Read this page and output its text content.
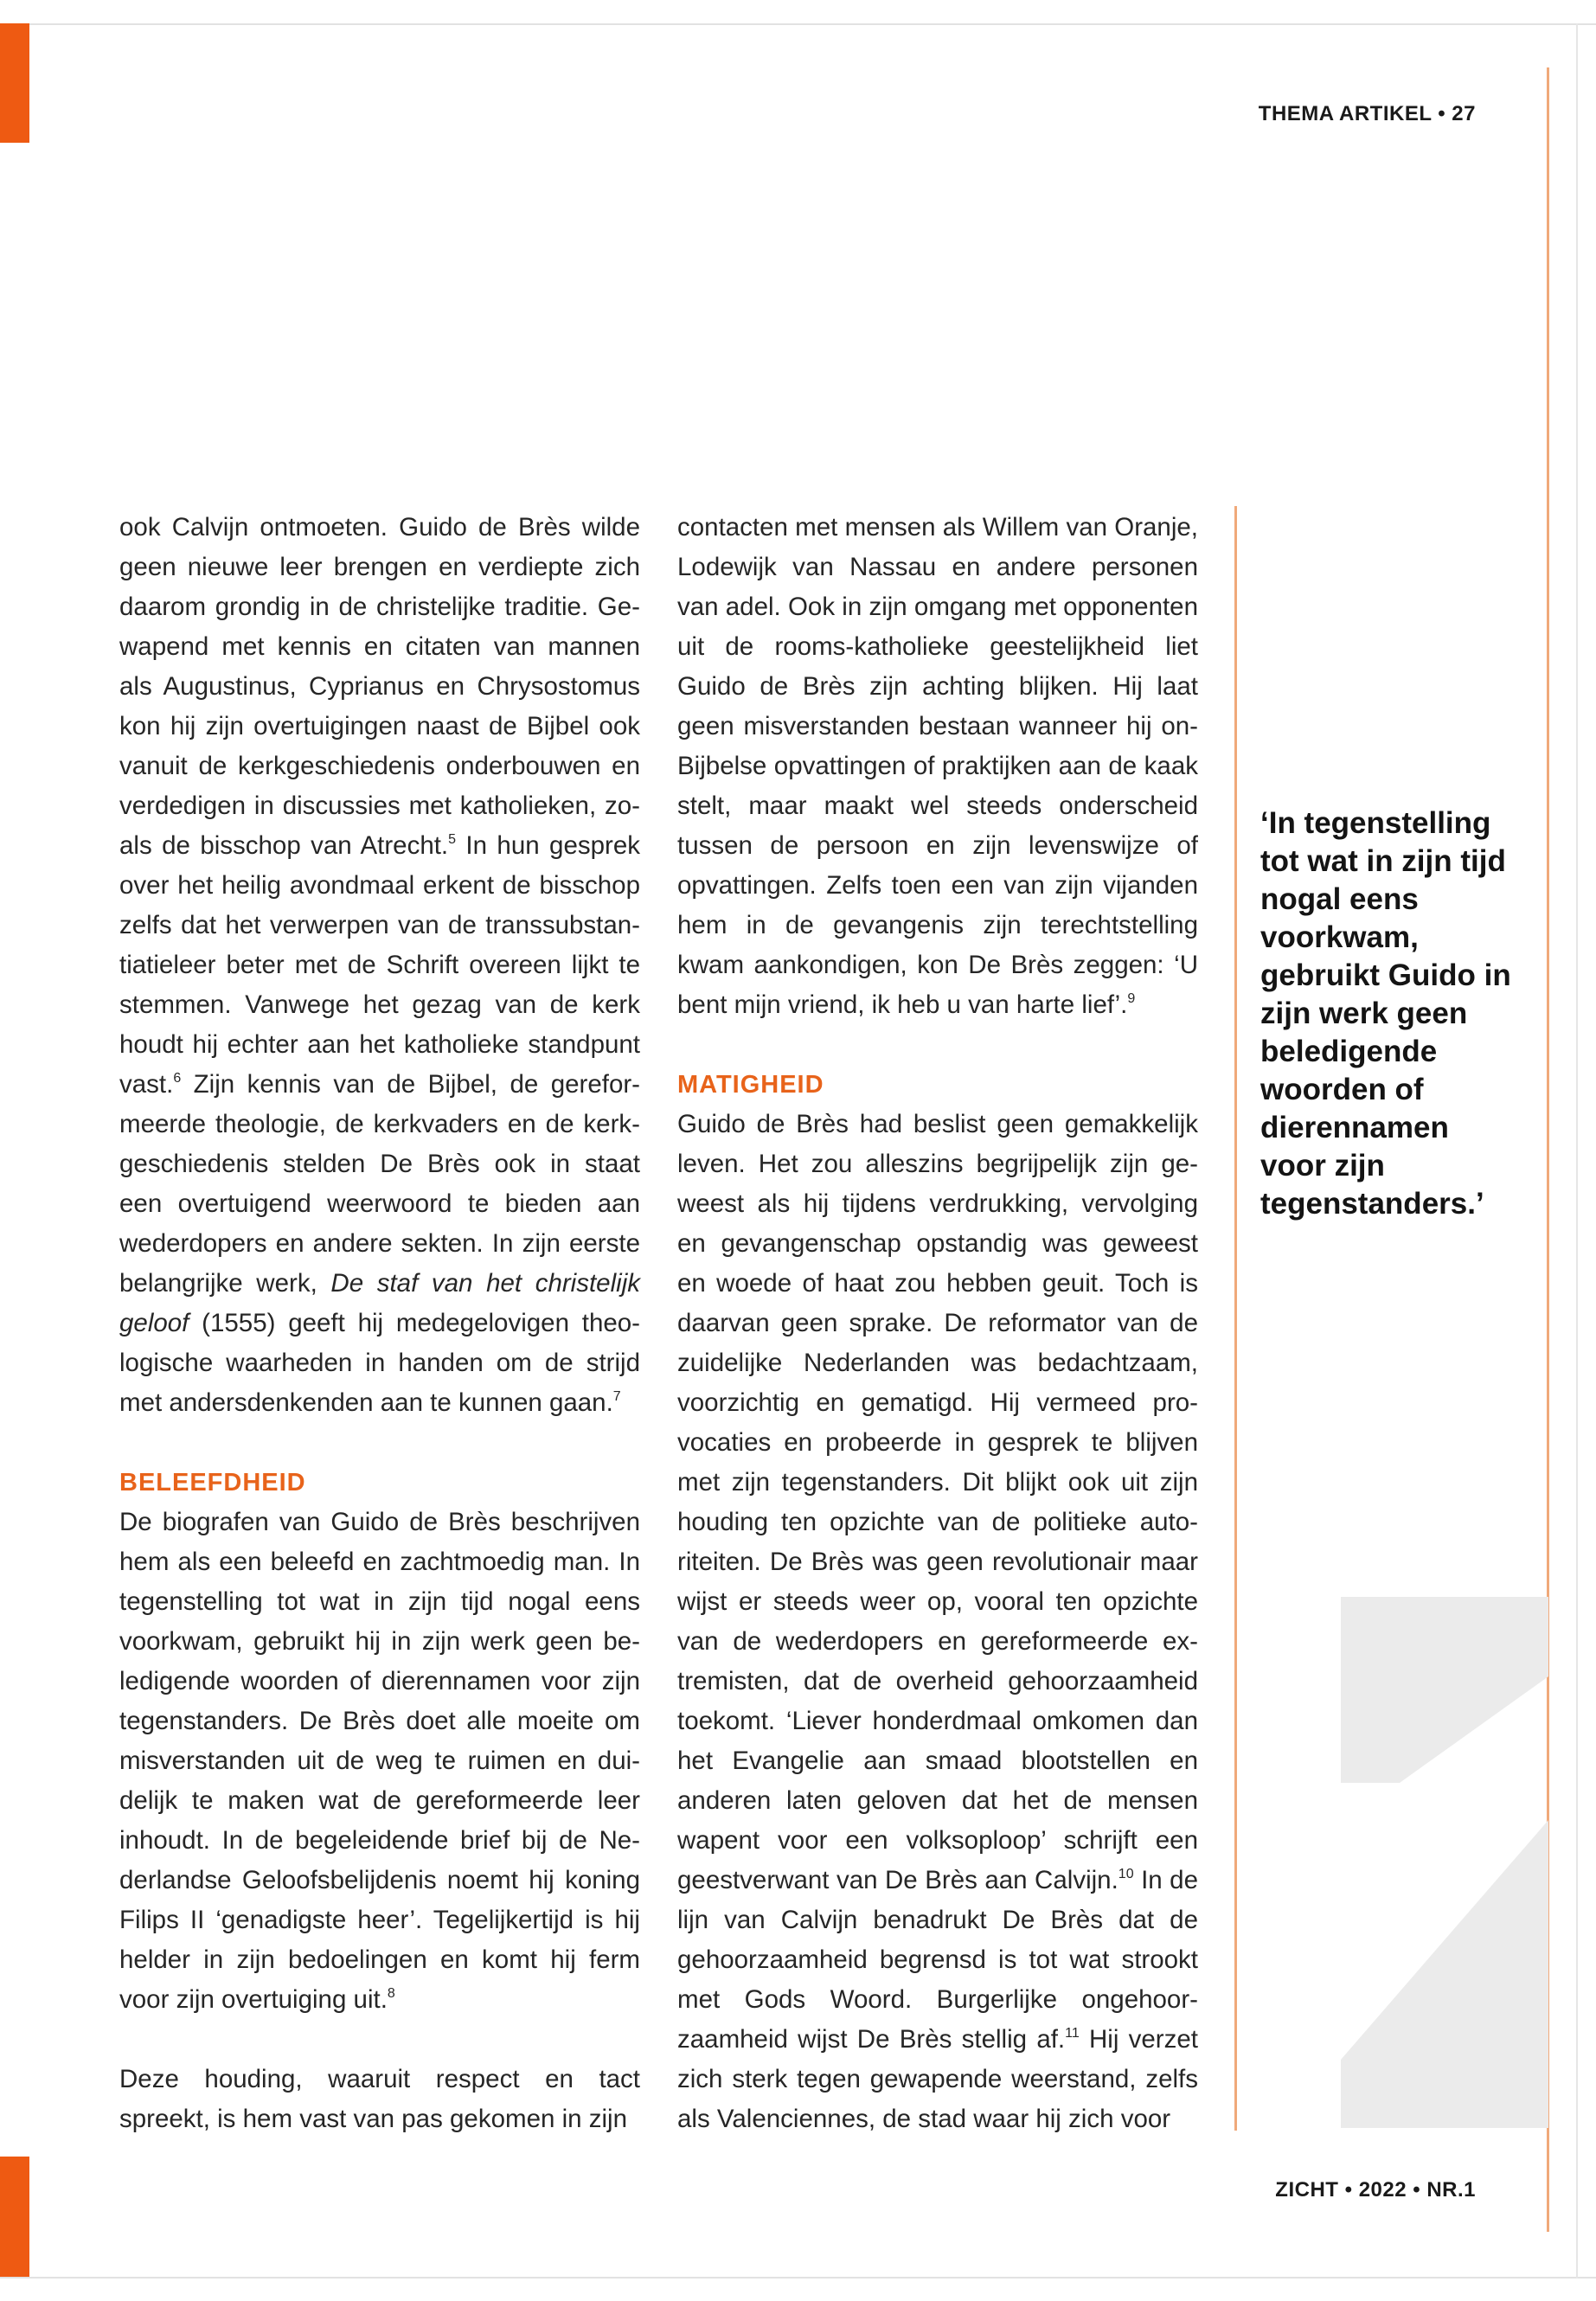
THEMA ARTIKEL • 27

ook Calvijn ontmoeten. Guido de Brès wilde geen nieuwe leer brengen en verdiepte zich daarom grondig in de christelijke traditie. Gewapend met kennis en citaten van mannen als Augustinus, Cyprianus en Chrysostomus kon hij zijn overtuigingen naast de Bijbel ook vanuit de kerkgeschiedenis onderbouwen en verdedigen in discussies met katholieken, zoals de bisschop van Atrecht.$^5$ In hun gesprek over het heilig avondmaal erkent de bisschop zelfs dat het verwerpen van de transsubstantiatieleer beter met de Schrift overeen lijkt te stemmen. Vanwege het gezag van de kerk houdt hij echter aan het katholieke standpunt vast.$^6$ Zijn kennis van de Bijbel, de gereformeerde theologie, de kerkvaders en de kerkgeschiedenis stelden De Brès ook in staat een overtuigend weerwoord te bieden aan wederdopers en andere sekten. In zijn eerste belangrijke werk, De staf van het christelijk geloof (1555) geeft hij medegelovigen theologische waarheden in handen om de strijd met andersdenkenden aan te kunnen gaan.$^7$

BELEEFDHEID

De biografen van Guido de Brès beschrijven hem als een beleefd en zachtmoedig man. In tegenstelling tot wat in zijn tijd nogal eens voorkwam, gebruikt hij in zijn werk geen beledigende woorden of dierennamen voor zijn tegenstanders. De Brès doet alle moeite om misverstanden uit de weg te ruimen en duidelijk te maken wat de gereformeerde leer inhoudt. In de begeleidende brief bij de Nederlandse Geloofsbelijdenis noemt hij koning Filips II ‘genadigste heer’. Tegelijkertijd is hij helder in zijn bedoelingen en komt hij ferm voor zijn overtuiging uit.$^8$

Deze houding, waaruit respect en tact spreekt, is hem vast van pas gekomen in zijn

contacten met mensen als Willem van Oranje, Lodewijk van Nassau en andere personen van adel. Ook in zijn omgang met opponenten uit de rooms-katholieke geestelijkheid liet Guido de Brès zijn achting blijken. Hij laat geen misverstanden bestaan wanneer hij on-Bijbelse opvattingen of praktijken aan de kaak stelt, maar maakt wel steeds onderscheid tussen de persoon en zijn levenswijze of opvattingen. Zelfs toen een van zijn vijanden hem in de gevangenis zijn terechtstelling kwam aankondigen, kon De Brès zeggen: ‘U bent mijn vriend, ik heb u van harte lief’.$^9$

MATIGHEID

Guido de Brès had beslist geen gemakkelijk leven. Het zou alleszins begrijpelijk zijn geweest als hij tijdens verdrukking, vervolging en gevangenschap opstandig was geweest en woede of haat zou hebben geuit. Toch is daarvan geen sprake. De reformator van de zuidelijke Nederlanden was bedachtzaam, voorzichtig en gematigd. Hij vermeed provocaties en probeerde in gesprek te blijven met zijn tegenstanders. Dit blijkt ook uit zijn houding ten opzichte van de politieke autoriteiten. De Brès was geen revolutionair maar wijst er steeds weer op, vooral ten opzichte van de wederdopers en gereformeerde extremisten, dat de overheid gehoorzaamheid toekomt. ‘Liever honderdmaal omkomen dan het Evangelie aan smaad blootstellen en anderen laten geloven dat het de mensen wapent voor een volksoploop’ schrijft een geestverwant van De Brès aan Calvijn.$^{10}$ In de lijn van Calvijn benadrukt De Brès dat de gehoorzaamheid begrensd is tot wat strookt met Gods Woord. Burgerlijke ongehoorzaamheid wijst De Brès stellig af.$^{11}$ Hij verzet zich sterk tegen gewapende weerstand, zelfs als Valenciennes, de stad waar hij zich voor

‘In tegenstelling tot wat in zijn tijd nogal eens voorkwam, gebruikt Guido in zijn werk geen beledigende woorden of dierennamen voor zijn tegenstanders.’
ZICHT • 2022 • NR.1
